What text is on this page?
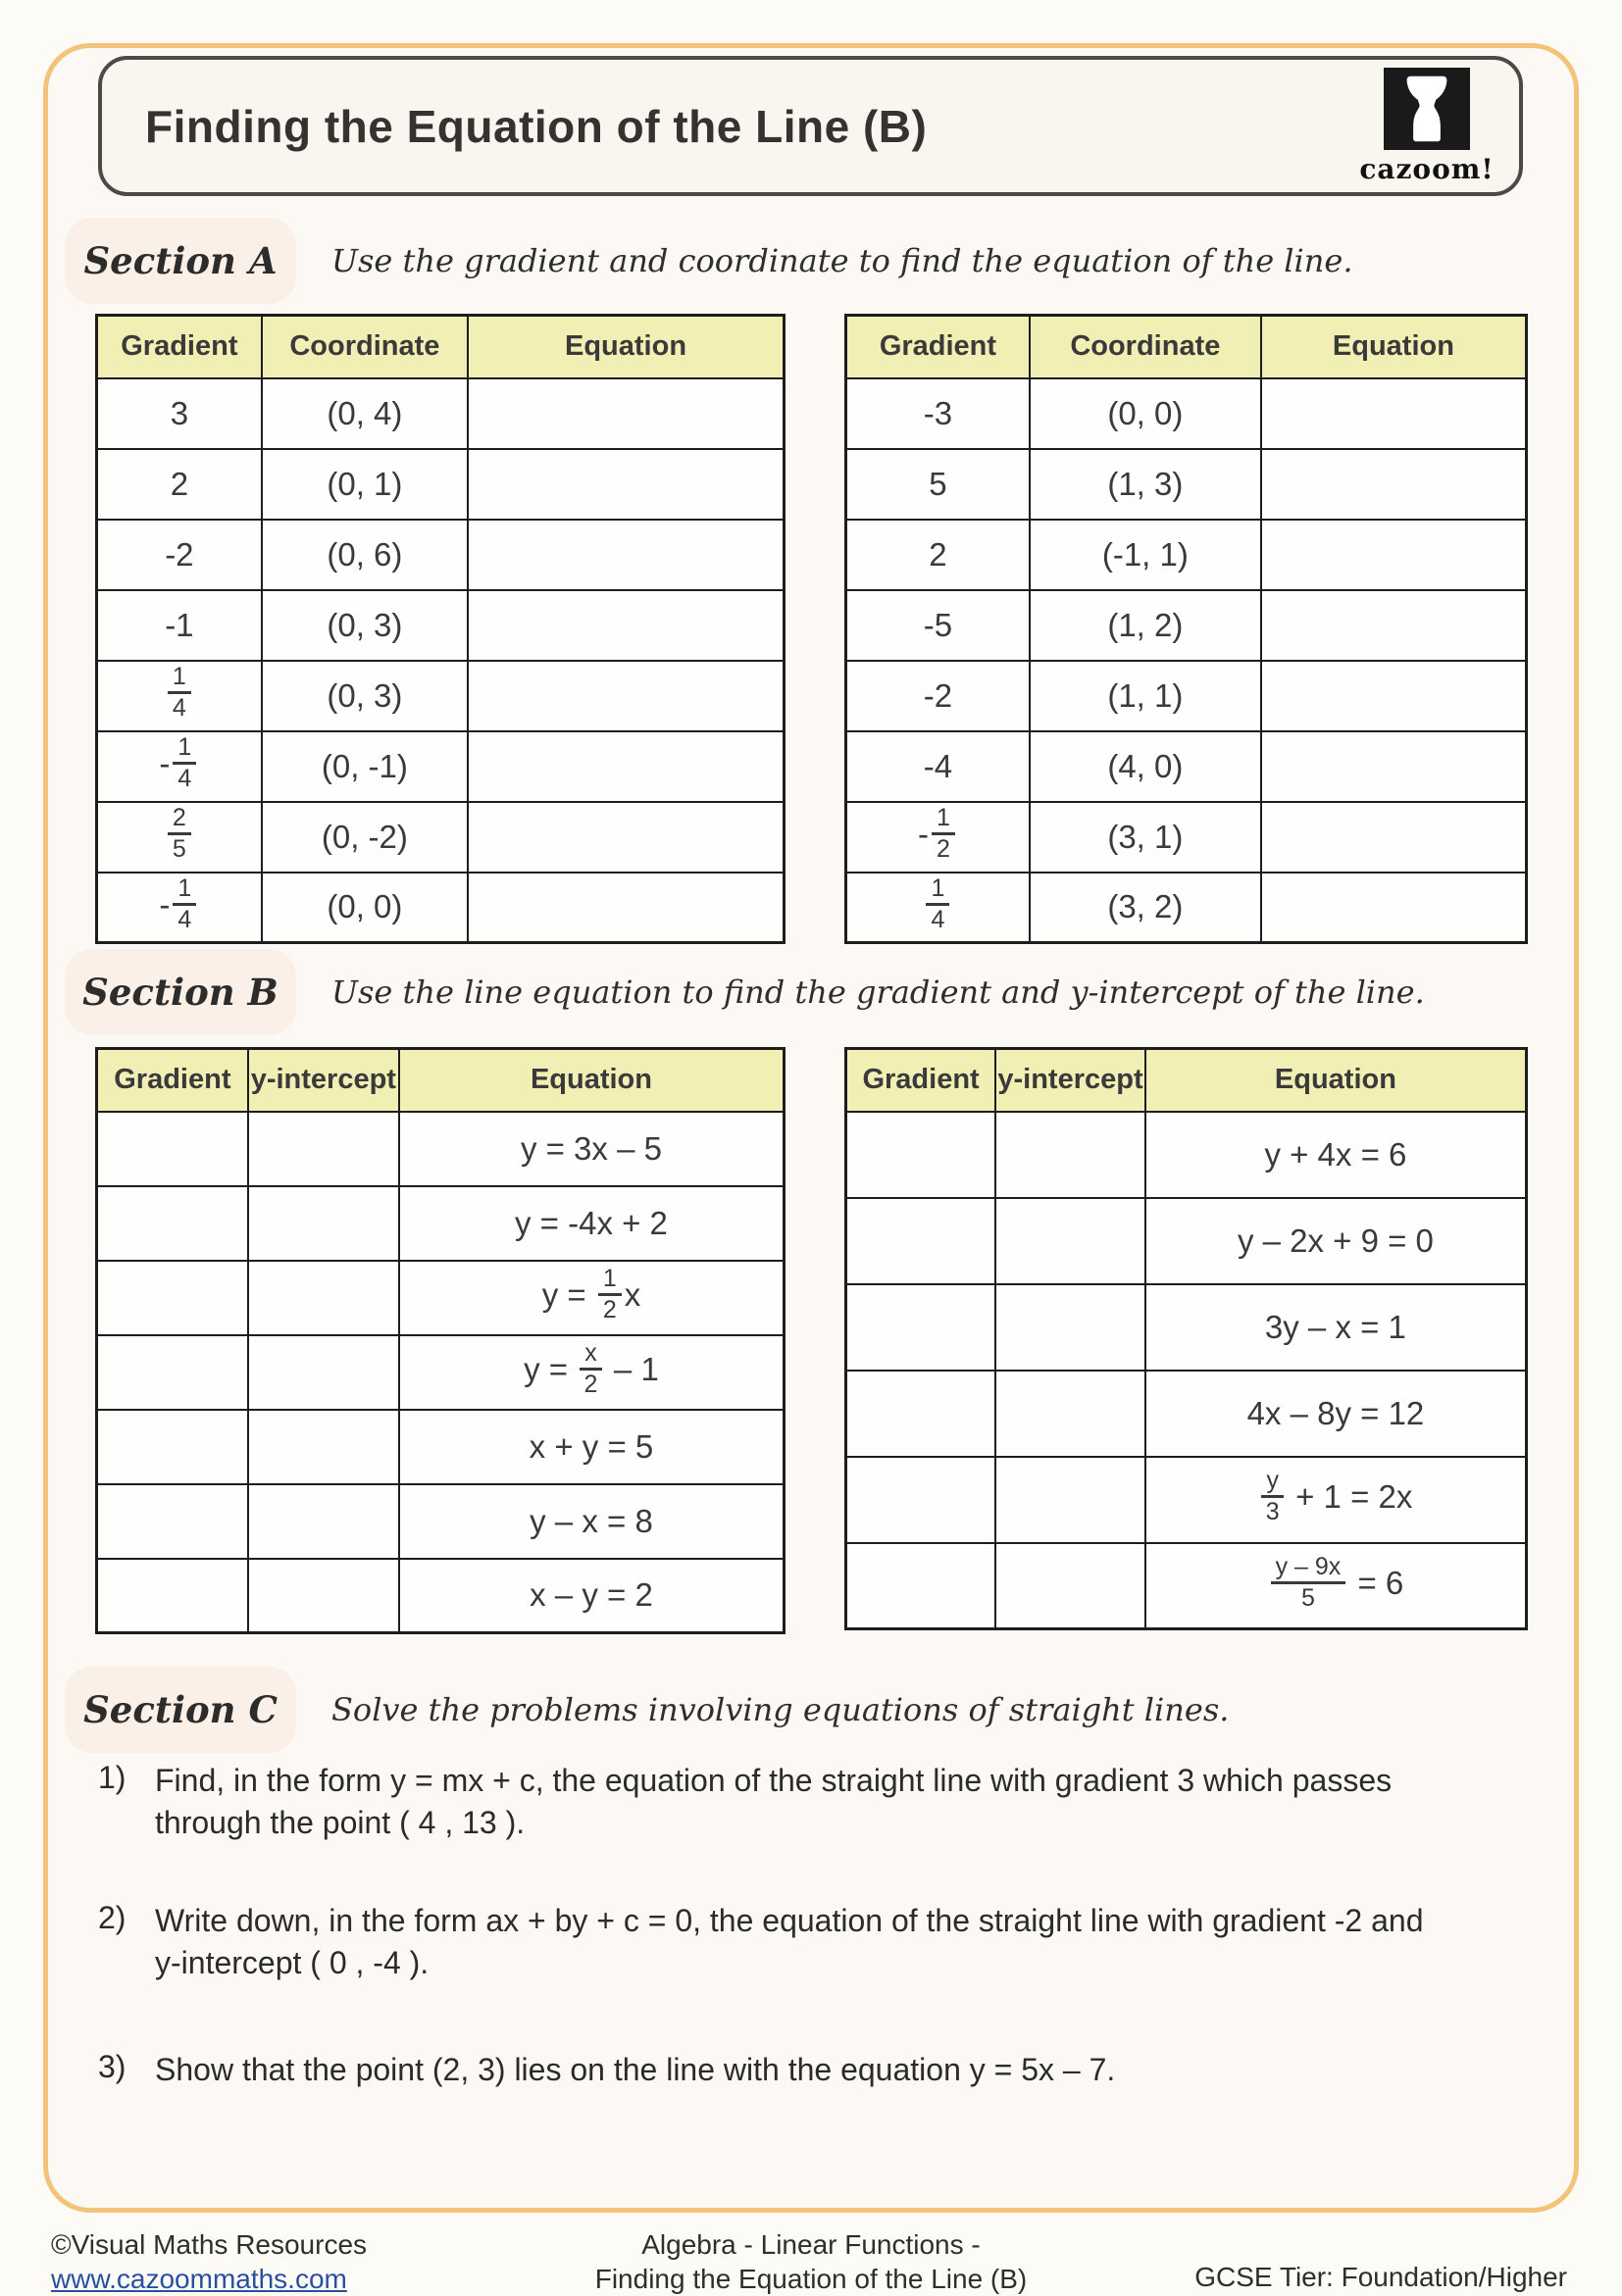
Finding the Equation of the Line (B)
cazoom!
Section A	Use the gradient and coordinate to find the equation of the line.
Gradient	Coordinate	Equation
3	(0, 4)	
2	(0, 1)	
-2	(0, 6)	
-1	(0, 3)	

$\frac{1}{4}$	(0, 3)	
- $\frac{1}{4}$	(0, -1)	

$\frac{2}{5}$	(0, -2)	
- $\frac{1}{4}$	(0, 0)	
Gradient	Coordinate	Equation
-3	(0, 0)	
5	(1, 3)	
2	(-1, 1)	
-5	(1, 2)	
-2	(1, 1)	
-4	(4, 0)	
- $\frac{1}{2}$	(3, 1)	

$\frac{1}{4}$	(3, 2)	
Section B	Use the line equation to find the gradient and y-intercept of the line.
Gradient	y-intercept	Equation
		y = 3x – 5
		y = -4x + 2
		$y = \frac{1}{2}$ x
		$y = \frac{x}{2} - 1$
		x + y = 5
		y – x = 8
		x – y = 2
Gradient	y-intercept	Equation
		y + 4x = 6
		y – 2x + 9 = 0
		3y – x = 1
		4x – 8y = 12

		$\frac{y}{3} + 1 = 2x$

		$\frac{y - 9x}{5} = 6$
Section C	Solve the problems involving equations of straight lines.
1) Find, in the form y = mx + c, the equation of the straight line with gradient 3 which passes
through the point ( 4 , 13 ).
2) Write down, in the form ax + by + c = 0, the equation of the straight line with gradient -2 and
y-intercept ( 0 , -4 ).
3) Show that the point (2, 3) lies on the line with the equation y = 5x – 7.
©Visual Maths Resources
www.cazoommaths.com
Algebra - Linear Functions -
Finding the Equation of the Line (B)	GCSE Tier: Foundation/Higher
